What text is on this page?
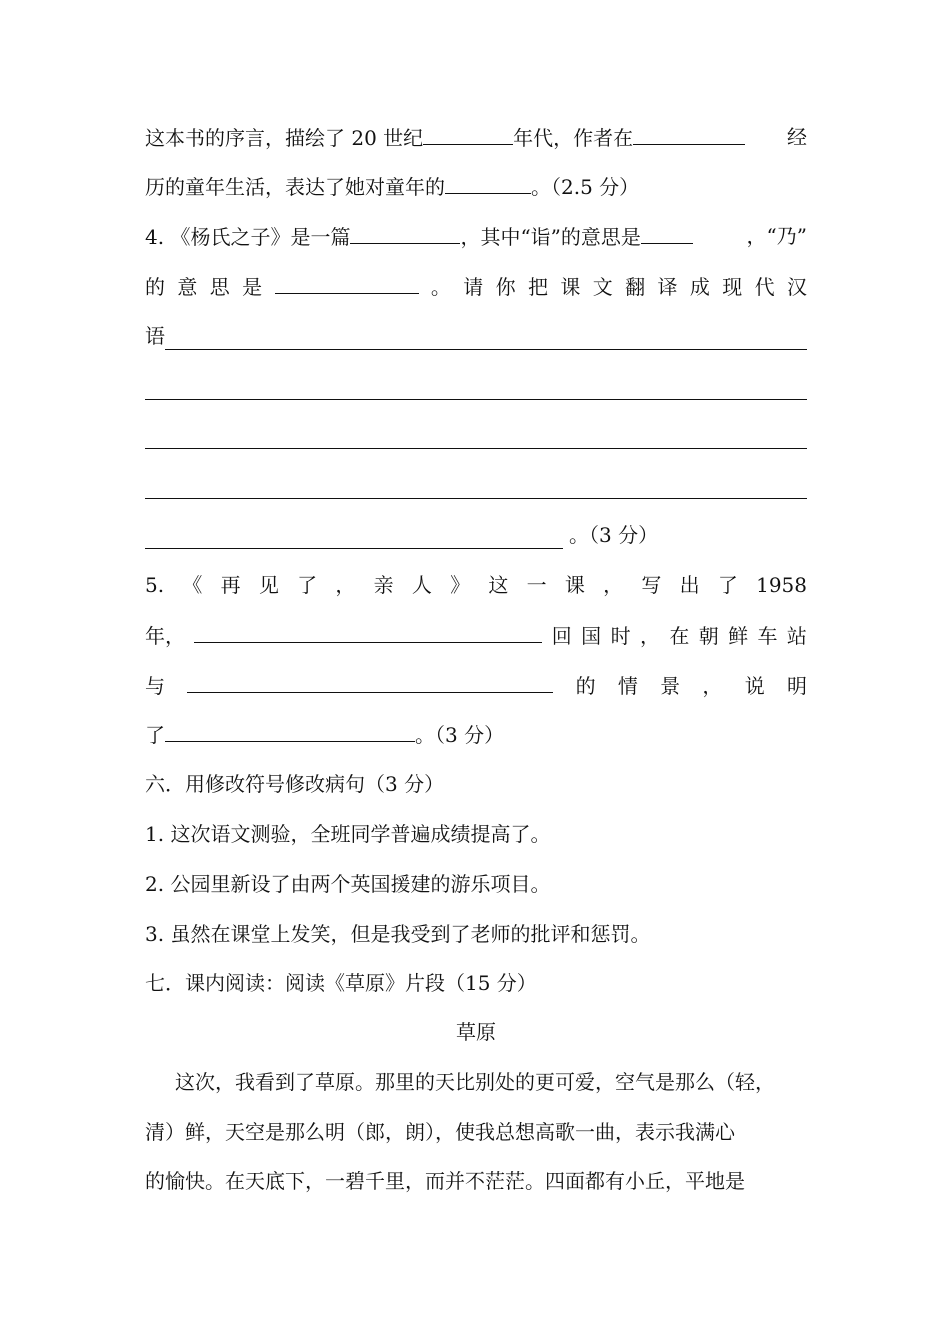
这本书的序言，描绘了 20 世纪	年代，作者在	经
历的童年生活，表达了她对童年的	。（2.5 分）
4. 《杨氏之子》是一篇	，其中“诣”的意思是	，“乃”
的 意 思 是	。 请 你 把 课 文 翻 译 成 现 代 汉
语
。（3 分）
5. 《 再 见 了 ， 亲 人 》 这 一 课 ， 写 出 了 1958
年，	回 国 时 ， 在 朝 鲜 车 站
与	的 情 景 ， 说 明
了	。（3 分）
六．用修改符号修改病句（3 分）
1. 这次语文测验，全班同学普遍成绩提高了。
2. 公园里新设了由两个英国援建的游乐项目。
3. 虽然在课堂上发笑，但是我受到了老师的批评和惩罚。
七．课内阅读：阅读《草原》片段（15 分）
草原
这次，我看到了草原。那里的天比别处的更可爱，空气是那么（轻，
清）鲜，天空是那么明（郎，朗），使我总想高歌一曲，表示我满心
的愉快。在天底下，一碧千里，而并不茫茫。四面都有小丘，平地是
